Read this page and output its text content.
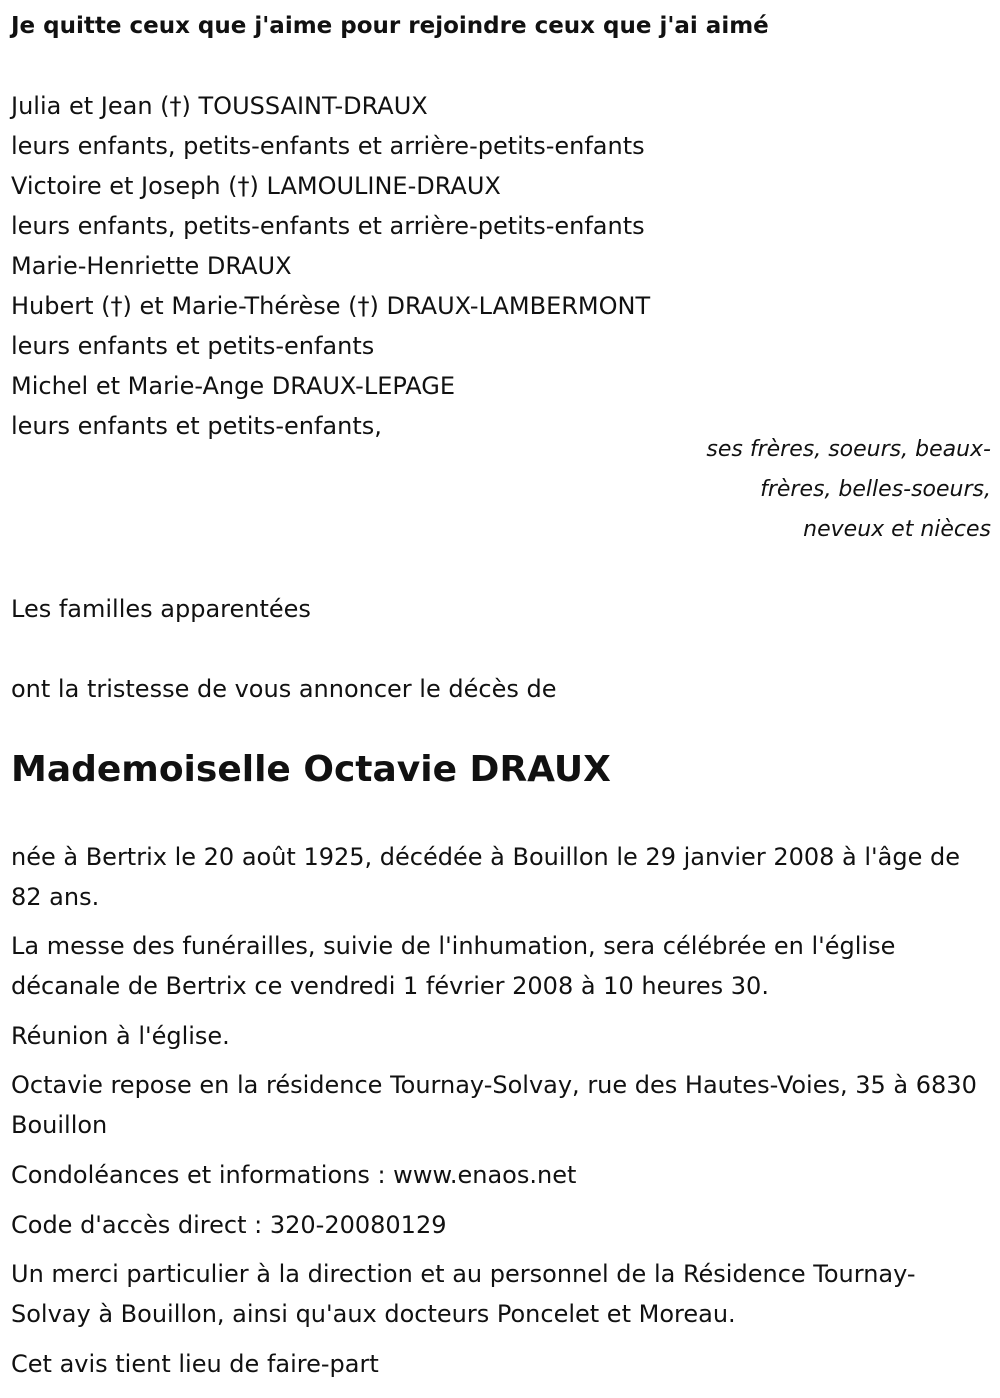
Je quitte ceux que j'aime pour rejoindre ceux que j'ai aimé
Julia et Jean (†) TOUSSAINT-DRAUX
leurs enfants, petits-enfants et arrière-petits-enfants
Victoire et Joseph (†) LAMOULINE-DRAUX
leurs enfants, petits-enfants et arrière-petits-enfants
Marie-Henriette DRAUX
Hubert (†) et Marie-Thérèse (†) DRAUX-LAMBERMONT
leurs enfants et petits-enfants
Michel et Marie-Ange DRAUX-LEPAGE
leurs enfants et petits-enfants,
ses frères, soeurs, beaux-frères, belles-soeurs, neveux et nièces
Les familles apparentées
ont la tristesse de vous annoncer le décès de
Mademoiselle Octavie DRAUX
née à Bertrix le 20 août 1925, décédée à Bouillon le 29 janvier 2008 à l'âge de 82 ans.
La messe des funérailles, suivie de l'inhumation, sera célébrée en l'église décanale de Bertrix ce vendredi 1 février 2008 à 10 heures 30.
Réunion à l'église.
Octavie repose en la résidence Tournay-Solvay, rue des Hautes-Voies, 35 à 6830 Bouillon
Condoléances et informations : www.enaos.net
Code d'accès direct : 320-20080129
Un merci particulier à la direction et au personnel de la Résidence Tournay-Solvay à Bouillon, ainsi qu'aux docteurs Poncelet et Moreau.
Cet avis tient lieu de faire-part
